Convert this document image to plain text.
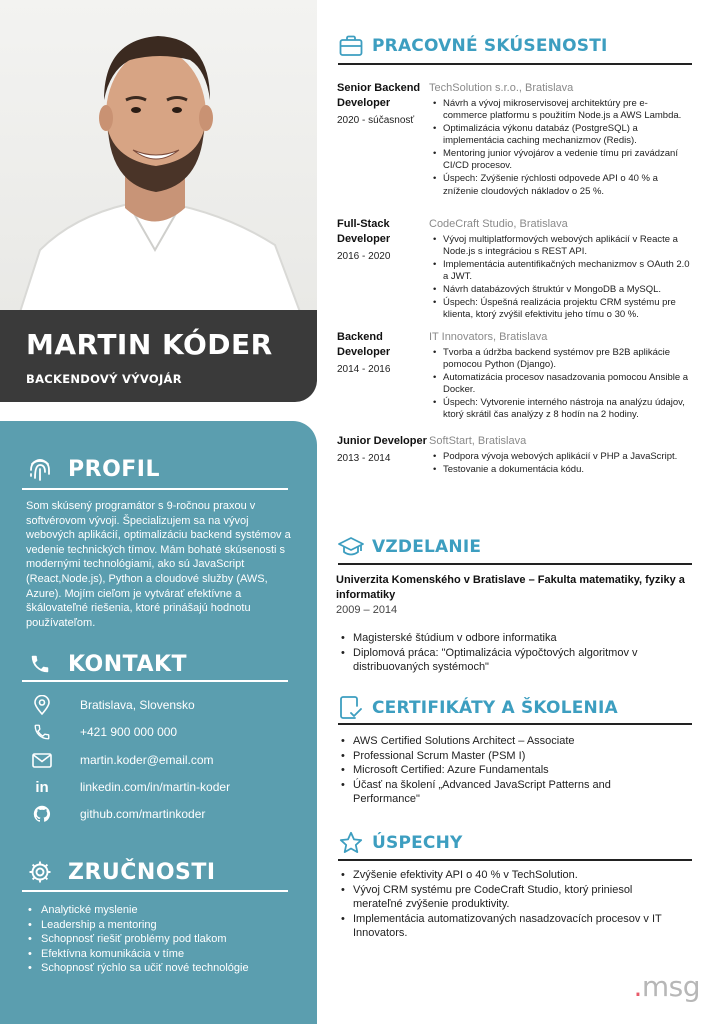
MARTIN KÓDER
BACKENDOVÝ VÝVOJÁR
PROFIL
Som skúsený programátor s 9-ročnou praxou v softvérovom vývoji. Špecializujem sa na vývoj webových aplikácií, optimalizáciu backend systémov a vedenie technických tímov. Mám bohaté skúsenosti s modernými technológiami, ako sú JavaScript (React,Node.js), Python a cloudové služby (AWS, Azure). Mojím cieľom je vytvárať efektívne a škálovateľné riešenia, ktoré prinášajú hodnotu používateľom.
KONTAKT
Bratislava, Slovensko
+421 900 000 000
martin.koder@email.com
in	linkedin.com/in/martin-koder
github.com/martinkoder
ZRUČNOSTI
• Analytické myslenie
• Leadership a mentoring
• Schopnosť riešiť problémy pod tlakom
• Efektívna komunikácia v tíme
• Schopnosť rýchlo sa učiť nové technológie
PRACOVNÉ SKÚSENOSTI
Senior Backend Developer
2020 - súčasnosť
TechSolution s.r.o., Bratislava
• Návrh a vývoj mikroservisovej architektúry pre e-commerce platformu s použitím Node.js a AWS Lambda.
• Optimalizácia výkonu databáz (PostgreSQL) a implementácia caching mechanizmov (Redis).
• Mentoring junior vývojárov a vedenie tímu pri zavádzaní CI/CD procesov.
• Úspech: Zvýšenie rýchlosti odpovede API o 40 % a zníženie cloudových nákladov o 25 %.
Full-Stack Developer
2016 - 2020
CodeCraft Studio, Bratislava
• Vývoj multiplatformových webových aplikácií v Reacte a Node.js s integráciou s REST API.
• Implementácia autentifikačných mechanizmov s OAuth 2.0 a JWT.
• Návrh databázových štruktúr v MongoDB a MySQL.
• Úspech: Úspešná realizácia projektu CRM systému pre klienta, ktorý zvýšil efektivitu jeho tímu o 30 %.
Backend Developer
2014 - 2016
IT Innovators, Bratislava
• Tvorba a údržba backend systémov pre B2B aplikácie pomocou Python (Django).
• Automatizácia procesov nasadzovania pomocou Ansible a Docker.
• Úspech: Vytvorenie interného nástroja na analýzu údajov, ktorý skrátil čas analýzy z 8 hodín na 2 hodiny.
Junior Developer
2013 - 2014
SoftStart, Bratislava
• Podpora vývoja webových aplikácií v PHP a JavaScript.
• Testovanie a dokumentácia kódu.
VZDELANIE
Univerzita Komenského v Bratislave – Fakulta matematiky, fyziky a informatiky
2009 – 2014
• Magisterské štúdium v odbore informatika
• Diplomová práca: "Optimalizácia výpočtových algoritmov v distribuovaných systémoch"
CERTIFIKÁTY A ŠKOLENIA
• AWS Certified Solutions Architect – Associate
• Professional Scrum Master (PSM I)
• Microsoft Certified: Azure Fundamentals
• Účasť na školení „Advanced JavaScript Patterns and Performance"
ÚSPECHY
• Zvýšenie efektivity API o 40 % v TechSolution.
• Vývoj CRM systému pre CodeCraft Studio, ktorý priniesol merateľné zvýšenie produktivity.
• Implementácia automatizovaných nasadzovacích procesov v IT Innovators.
.msg
